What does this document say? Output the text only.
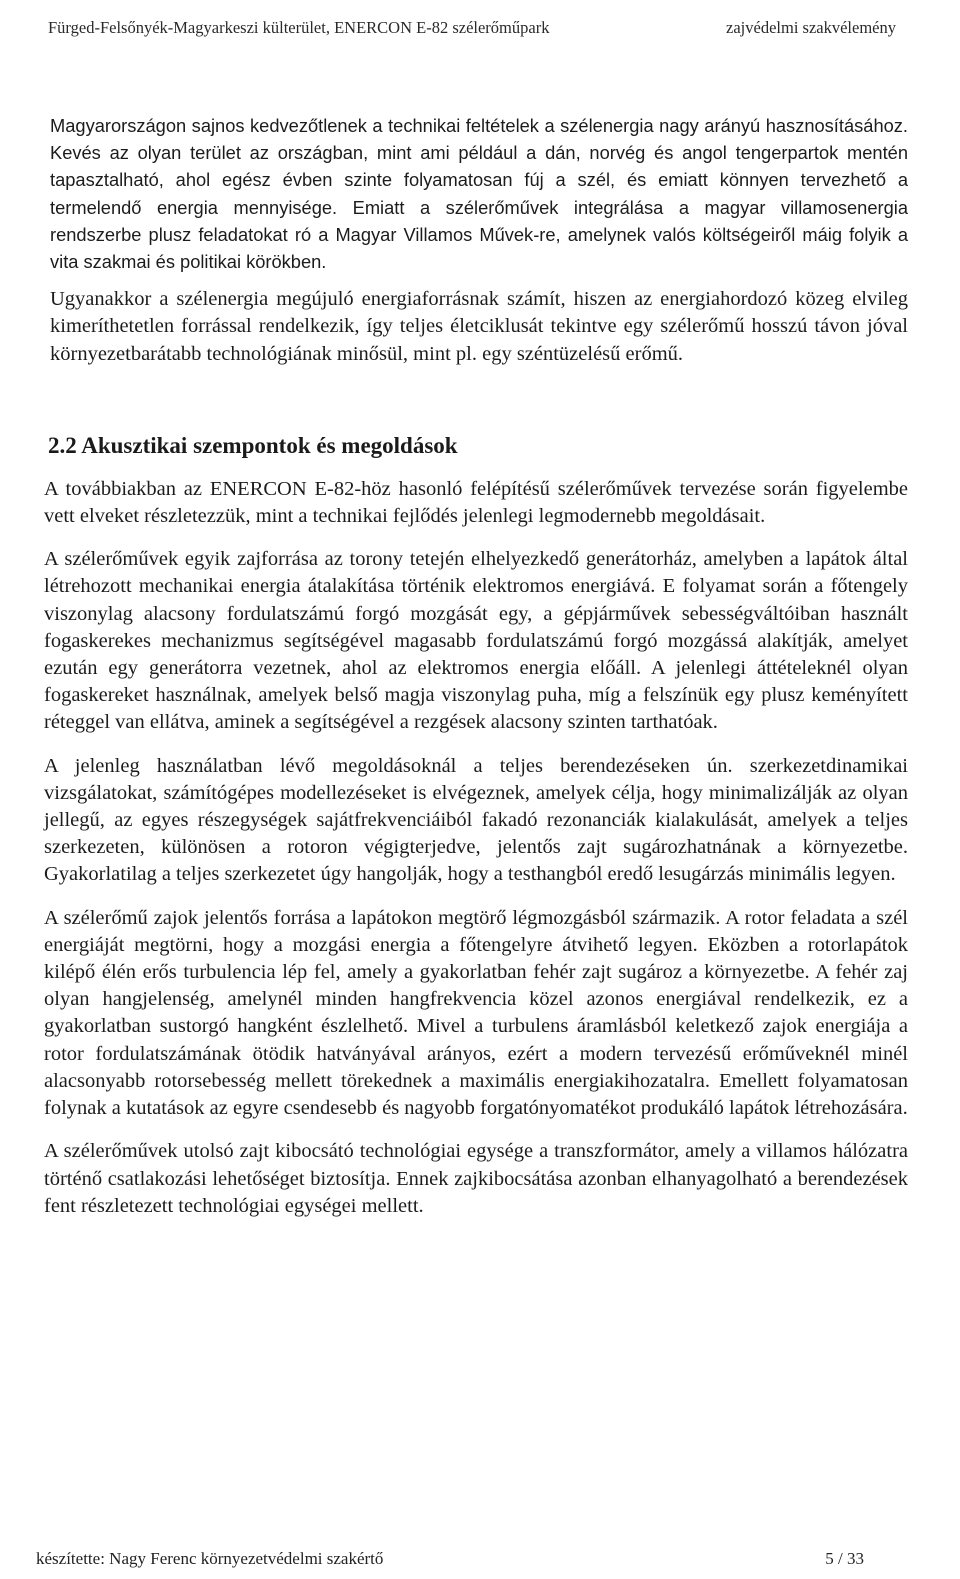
Fürged-Felsőnyék-Magyarkeszi külterület, ENERCON E-82 szélerőműpark	zajvédelmi szakvélemény

Magyarországon sajnos kedvezőtlenek a technikai feltételek a szélenergia nagy arányú hasznosításához. Kevés az olyan terület az országban, mint ami például a dán, norvég és angol tengerpartok mentén tapasztalható, ahol egész évben szinte folyamatosan fúj a szél, és emiatt könnyen tervezhető a termelendő energia mennyisége. Emiatt a szélerőművek integrálása a magyar villamosenergia rendszerbe plusz feladatokat ró a Magyar Villamos Művek-re, amelynek valós költségeiről máig folyik a vita szakmai és politikai körökben.

Ugyanakkor a szélenergia megújuló energiaforrásnak számít, hiszen az energiahordozó közeg elvileg kimeríthetetlen forrással rendelkezik, így teljes életciklusát tekintve egy szélerőmű hosszú távon jóval környezetbarátabb technológiának minősül, mint pl. egy széntüzelésű erőmű.

2.2 Akusztikai szempontok és megoldások

A továbbiakban az ENERCON E-82-höz hasonló felépítésű szélerőművek tervezése során figyelembe vett elveket részletezzük, mint a technikai fejlődés jelenlegi legmodernebb megoldásait.

A szélerőművek egyik zajforrása az torony tetején elhelyezkedő generátorház, amelyben a lapátok által létrehozott mechanikai energia átalakítása történik elektromos energiává. E folyamat során a főtengely viszonylag alacsony fordulatszámú forgó mozgását egy, a gépjárművek sebességváltóiban használt fogaskerekes mechanizmus segítségével magasabb fordulatszámú forgó mozgássá alakítják, amelyet ezután egy generátorra vezetnek, ahol az elektromos energia előáll. A jelenlegi áttételeknél olyan fogaskereket használnak, amelyek belső magja viszonylag puha, míg a felszínük egy plusz keményített réteggel van ellátva, aminek a segítségével a rezgések alacsony szinten tarthatóak.

A jelenleg használatban lévő megoldásoknál a teljes berendezéseken ún. szerkezetdinamikai vizsgálatokat, számítógépes modellezéseket is elvégeznek, amelyek célja, hogy minimalizálják az olyan jellegű, az egyes részegységek sajátfrekvenciáiból fakadó rezonanciák kialakulását, amelyek a teljes szerkezeten, különösen a rotoron végigterjedve, jelentős zajt sugározhatnának a környezetbe. Gyakorlatilag a teljes szerkezetet úgy hangolják, hogy a testhangból eredő lesugárzás minimális legyen.

A szélerőmű zajok jelentős forrása a lapátokon megtörő légmozgásból származik. A rotor feladata a szél energiáját megtörni, hogy a mozgási energia a főtengelyre átvihető legyen. Eközben a rotorlapátok kilépő élén erős turbulencia lép fel, amely a gyakorlatban fehér zajt sugároz a környezetbe. A fehér zaj olyan hangjelenség, amelynél minden hangfrekvencia közel azonos energiával rendelkezik, ez a gyakorlatban sustorgó hangként észlelhető. Mivel a turbulens áramlásból keletkező zajok energiája a rotor fordulatszámának ötödik hatványával arányos, ezért a modern tervezésű erőműveknél minél alacsonyabb rotorsebesség mellett törekednek a maximális energiakihozatalra. Emellett folyamatosan folynak a kutatások az egyre csendesebb és nagyobb forgatónyomatékot produkáló lapátok létrehozására.

A szélerőművek utolsó zajt kibocsátó technológiai egysége a transzformátor, amely a villamos hálózatra történő csatlakozási lehetőséget biztosítja. Ennek zajkibocsátása azonban elhanyagolható a berendezések fent részletezett technológiai egységei mellett.

készítette: Nagy Ferenc környezetvédelmi szakértő	5 / 33
